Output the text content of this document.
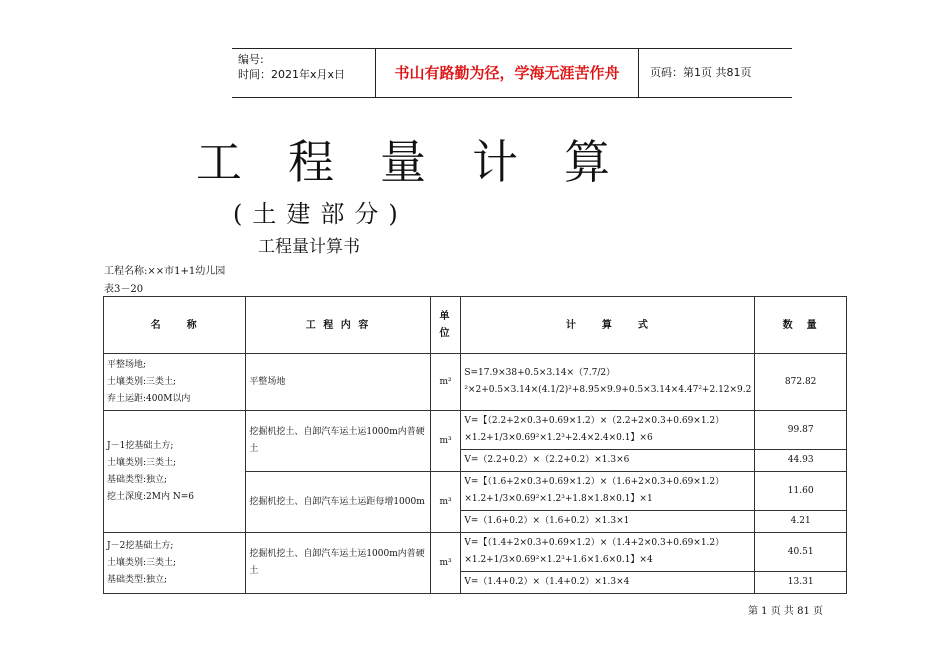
编号:
时间：2021年x月x日	书山有路勤为径，学海无涯苦作舟	页码：第1页 共81页
工程量计算
(土建部分)
工程量计算书
工程名称:××市1+1幼儿园
表3－20
名　　称	工 程 内 容	单位	计　　算　　式	数　量

平整场地;
土壤类别:三类土;
弃土运距:400M以内	平整场地	m²	S=17.9×38+0.5×3.14×（7.7/2）²×2+0.5×3.14×(4.1/2)²+8.95×9.9+0.5×3.14×4.47²+2.12×9.2	872.82

J－1挖基础土方;
土壤类别:三类土;
基础类型:独立;
挖土深度:2M内 N=6	挖掘机挖土、自卸汽车运土运1000m内普硬土	m³	V=【（2.2+2×0.3+0.69×1.2）×（2.2+2×0.3+0.69×1.2）×1.2+1/3×0.69²×1.2³+2.4×2.4×0.1】×6	99.87
			V=（2.2+0.2）×（2.2+0.2）×1.3×6	44.93
	挖掘机挖土、自卸汽车运土运距每增1000m	m³	V=【（1.6+2×0.3+0.69×1.2）×（1.6+2×0.3+0.69×1.2）×1.2+1/3×0.69²×1.2³+1.8×1.8×0.1】×1	11.60
			V=（1.6+0.2）×（1.6+0.2）×1.3×1	4.21

J－2挖基础土方;
土壤类别:三类土;
基础类型:独立;	挖掘机挖土、自卸汽车运土运1000m内普硬土	m³	V=【（1.4+2×0.3+0.69×1.2）×（1.4+2×0.3+0.69×1.2）×1.2+1/3×0.69²×1.2³+1.6×1.6×0.1】×4	40.51
			V=（1.4+0.2）×（1.4+0.2）×1.3×4	13.31
第 1 页 共 81 页
